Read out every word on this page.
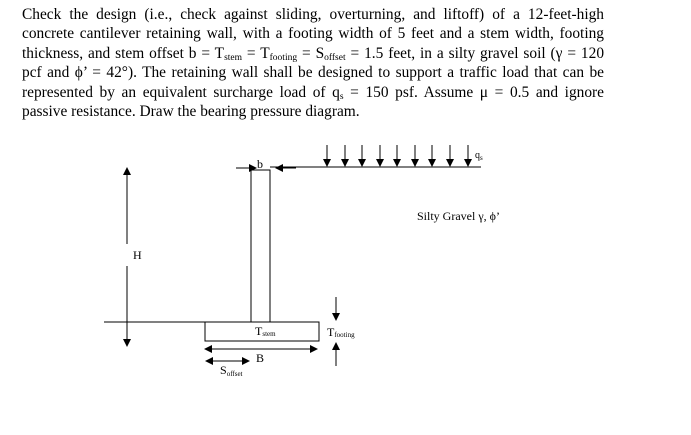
Check the design (i.e., check against sliding, overturning, and liftoff) of a 12-feet-high concrete cantilever retaining wall, with a footing width of 5 feet and a stem width, footing thickness, and stem offset $b = T_{stem} = T_{footing} = S_{offset} = 1.5$ feet, in a silty gravel soil (γ = 120 pcf and ϕ’ = 42°). The retaining wall shall be designed to support a traffic load that can be represented by an equivalent surcharge load of $q_s = 150$ psf. Assume μ = 0.5 and ignore passive resistance. Draw the bearing pressure diagram.

b
$q_s$
Silty Gravel γ, ϕ’
H
Tstem	Tfooting
B
Soffset
